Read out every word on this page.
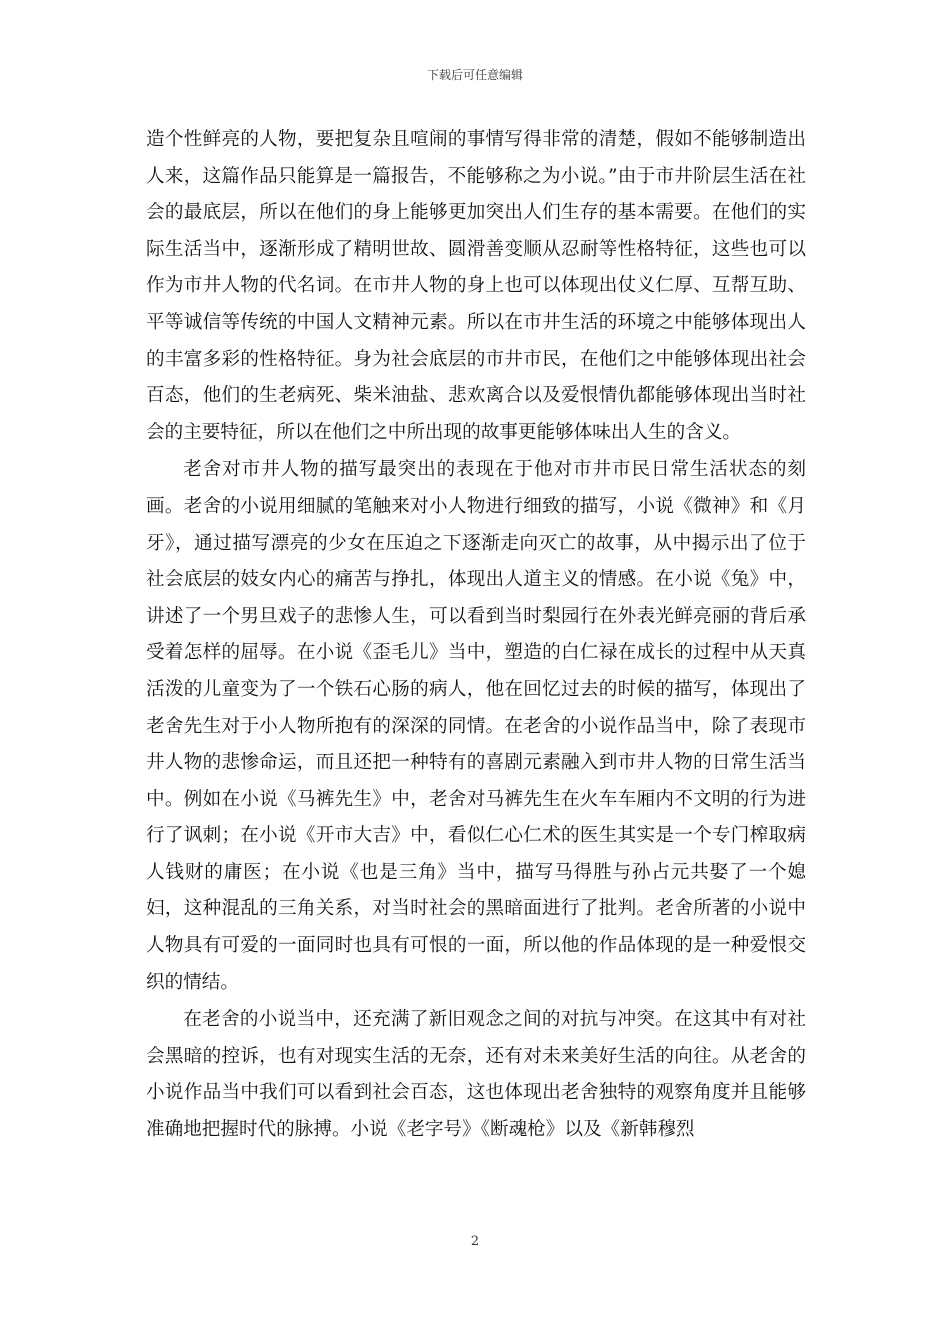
下载后可任意编辑

造个性鲜亮的人物，要把复杂且喧闹的事情写得非常的清楚，假如不能够制造出人来，这篇作品只能算是一篇报告，不能够称之为小说。”由于市井阶层生活在社会的最底层，所以在他们的身上能够更加突出人们生存的基本需要。在他们的实际生活当中，逐渐形成了精明世故、圆滑善变顺从忍耐等性格特征，这些也可以作为市井人物的代名词。在市井人物的身上也可以体现出仗义仁厚、互帮互助、平等诚信等传统的中国人文精神元素。所以在市井生活的环境之中能够体现出人的丰富多彩的性格特征。身为社会底层的市井市民，在他们之中能够体现出社会百态，他们的生老病死、柴米油盐、悲欢离合以及爱恨情仇都能够体现出当时社会的主要特征，所以在他们之中所出现的故事更能够体味出人生的含义。

老舍对市井人物的描写最突出的表现在于他对市井市民日常生活状态的刻画。老舍的小说用细腻的笔触来对小人物进行细致的描写，小说《微神》和《月牙》，通过描写漂亮的少女在压迫之下逐渐走向灭亡的故事，从中揭示出了位于社会底层的妓女内心的痛苦与挣扎，体现出人道主义的情感。在小说《兔》中，讲述了一个男旦戏子的悲惨人生，可以看到当时梨园行在外表光鲜亮丽的背后承受着怎样的屈辱。在小说《歪毛儿》当中，塑造的白仁禄在成长的过程中从天真活泼的儿童变为了一个铁石心肠的病人，他在回忆过去的时候的描写，体现出了老舍先生对于小人物所抱有的深深的同情。在老舍的小说作品当中，除了表现市井人物的悲惨命运，而且还把一种特有的喜剧元素融入到市井人物的日常生活当中。例如在小说《马裤先生》中，老舍对马裤先生在火车车厢内不文明的行为进行了讽刺；在小说《开市大吉》中，看似仁心仁术的医生其实是一个专门榨取病人钱财的庸医；在小说《也是三角》当中，描写马得胜与孙占元共娶了一个媳妇，这种混乱的三角关系，对当时社会的黑暗面进行了批判。老舍所著的小说中人物具有可爱的一面同时也具有可恨的一面，所以他的作品体现的是一种爱恨交织的情结。

在老舍的小说当中，还充满了新旧观念之间的对抗与冲突。在这其中有对社会黑暗的控诉，也有对现实生活的无奈，还有对未来美好生活的向往。从老舍的小说作品当中我们可以看到社会百态，这也体现出老舍独特的观察角度并且能够准确地把握时代的脉搏。小说《老字号》《断魂枪》以及《新韩穆烈

2
